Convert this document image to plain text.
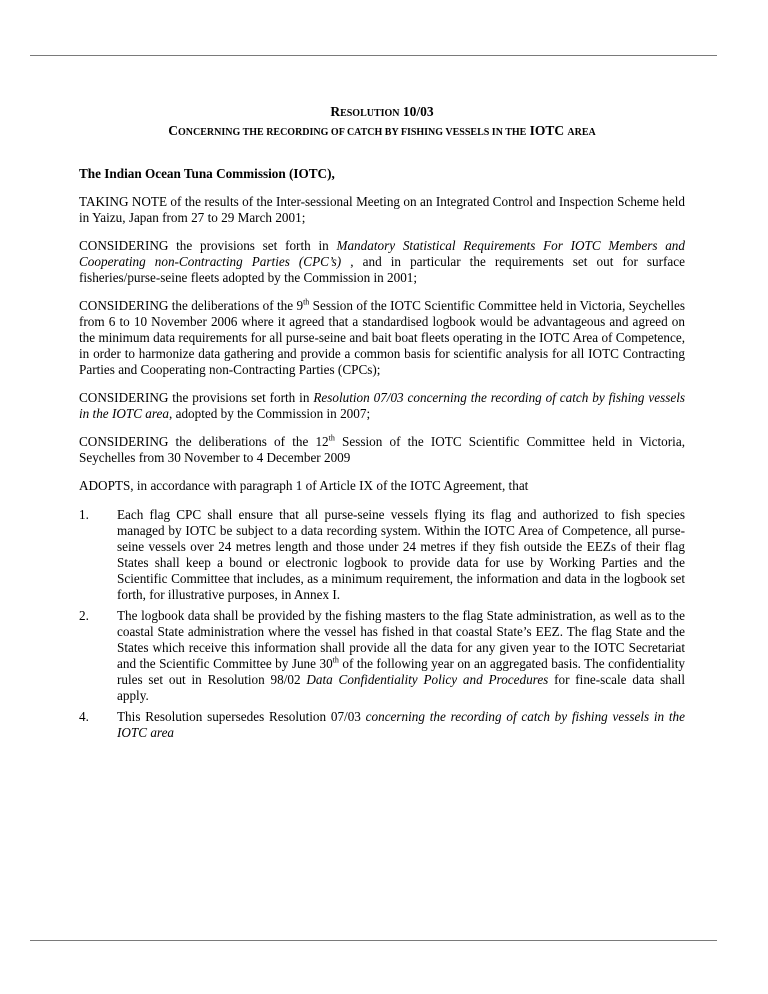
RESOLUTION 10/03

CONCERNING THE RECORDING OF CATCH BY FISHING VESSELS IN THE IOTC AREA

The Indian Ocean Tuna Commission (IOTC),

TAKING NOTE of the results of the Inter-sessional Meeting on an Integrated Control and Inspection Scheme held in Yaizu, Japan from 27 to 29 March 2001;

CONSIDERING the provisions set forth in Mandatory Statistical Requirements For IOTC Members and Cooperating non-Contracting Parties (CPC’s) , and in particular the requirements set out for surface fisheries/purse-seine fleets adopted by the Commission in 2001;

CONSIDERING the deliberations of the 9th Session of the IOTC Scientific Committee held in Victoria, Seychelles from 6 to 10 November 2006 where it agreed that a standardised logbook would be advantageous and agreed on the minimum data requirements for all purse-seine and bait boat fleets operating in the IOTC Area of Competence, in order to harmonize data gathering and provide a common basis for scientific analysis for all IOTC Contracting Parties and Cooperating non-Contracting Parties (CPCs);

CONSIDERING the provisions set forth in Resolution 07/03 concerning the recording of catch by fishing vessels in the IOTC area, adopted by the Commission in 2007;

CONSIDERING the deliberations of the 12th Session of the IOTC Scientific Committee held in Victoria, Seychelles from 30 November to 4 December 2009

ADOPTS, in accordance with paragraph 1 of Article IX of the IOTC Agreement, that

1.	Each flag CPC shall ensure that all purse-seine vessels flying its flag and authorized to fish species managed by IOTC be subject to a data recording system. Within the IOTC Area of Competence, all purse-seine vessels over 24 metres length and those under 24 metres if they fish outside the EEZs of their flag States shall keep a bound or electronic logbook to provide data for use by Working Parties and the Scientific Committee that includes, as a minimum requirement, the information and data in the logbook set forth, for illustrative purposes, in Annex I.
2.	The logbook data shall be provided by the fishing masters to the flag State administration, as well as to the coastal State administration where the vessel has fished in that coastal State’s EEZ. The flag State and the States which receive this information shall provide all the data for any given year to the IOTC Secretariat and the Scientific Committee by June 30th of the following year on an aggregated basis. The confidentiality rules set out in Resolution 98/02 Data Confidentiality Policy and Procedures for fine-scale data shall apply.
4.	This Resolution supersedes Resolution 07/03 concerning the recording of catch by fishing vessels in the IOTC area
